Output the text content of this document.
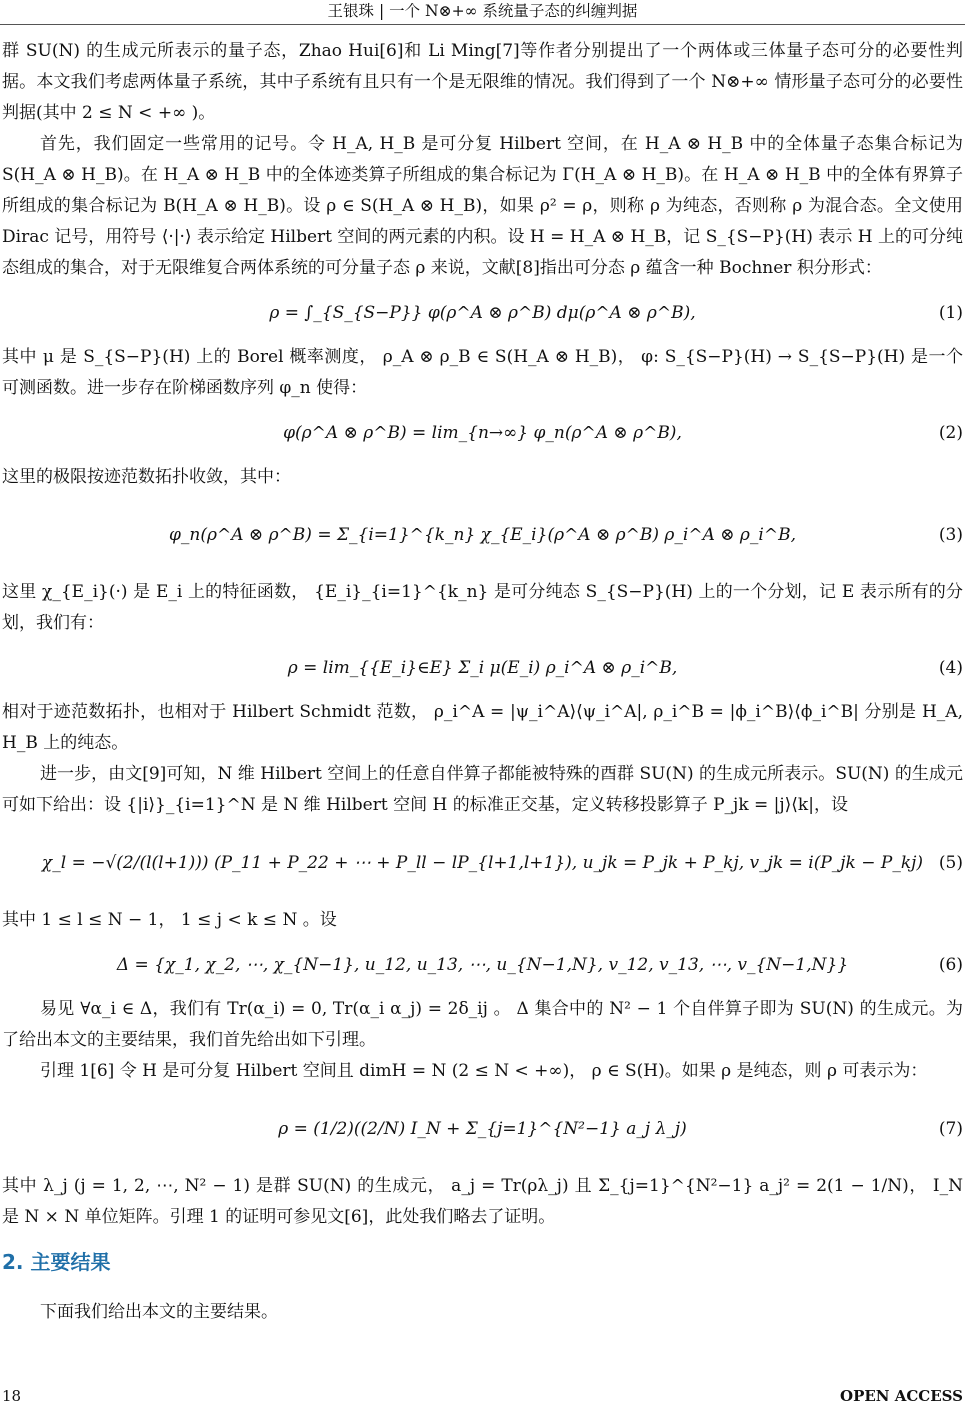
王银珠 | 一个 N⊗+∞ 系统量子态的纠缠判据

群 SU(N) 的生成元所表示的量子态，Zhao Hui[6]和 Li Ming[7]等作者分别提出了一个两体或三体量子态可分的必要性判据。本文我们考虑两体量子系统，其中子系统有且只有一个是无限维的情况。我们得到了一个 N⊗+∞ 情形量子态可分的必要性判据(其中 2 ≤ N < +∞ )。

首先，我们固定一些常用的记号。令 H_A, H_B 是可分复 Hilbert 空间，在 H_A ⊗ H_B 中的全体量子态集合标记为 S(H_A ⊗ H_B)。在 H_A ⊗ H_B 中的全体迹类算子所组成的集合标记为 Γ(H_A ⊗ H_B)。在 H_A ⊗ H_B 中的全体有界算子所组成的集合标记为 B(H_A ⊗ H_B)。设 ρ ∈ S(H_A ⊗ H_B)，如果 ρ² = ρ，则称 ρ 为纯态，否则称 ρ 为混合态。全文使用 Dirac 记号，用符号 ⟨·|·⟩ 表示给定 Hilbert 空间的两元素的内积。设 H = H_A ⊗ H_B，记 S_{S−P}(H) 表示 H 上的可分纯态组成的集合，对于无限维复合两体系统的可分量子态 ρ 来说，文献[8]指出可分态 ρ 蕴含一种 Bochner 积分形式：

ρ = ∫_{S_{S−P}} φ(ρ^A ⊗ ρ^B) dμ(ρ^A ⊗ ρ^B),	(1)

其中 μ 是 S_{S−P}(H) 上的 Borel 概率测度， ρ_A ⊗ ρ_B ∈ S(H_A ⊗ H_B)， φ: S_{S−P}(H) → S_{S−P}(H) 是一个可测函数。进一步存在阶梯函数序列 φ_n 使得：

φ(ρ^A ⊗ ρ^B) = lim_{n→∞} φ_n(ρ^A ⊗ ρ^B),	(2)

这里的极限按迹范数拓扑收敛，其中：

φ_n(ρ^A ⊗ ρ^B) = Σ_{i=1}^{k_n} χ_{E_i}(ρ^A ⊗ ρ^B) ρ_i^A ⊗ ρ_i^B,	(3)

这里 χ_{E_i}(·) 是 E_i 上的特征函数， {E_i}_{i=1}^{k_n} 是可分纯态 S_{S−P}(H) 上的一个分划，记 E 表示所有的分划，我们有：

ρ = lim_{{E_i}∈E} Σ_i μ(E_i) ρ_i^A ⊗ ρ_i^B,	(4)

相对于迹范数拓扑，也相对于 Hilbert Schmidt 范数， ρ_i^A = |ψ_i^A⟩⟨ψ_i^A|, ρ_i^B = |ϕ_i^B⟩⟨ϕ_i^B| 分别是 H_A, H_B 上的纯态。

进一步，由文[9]可知，N 维 Hilbert 空间上的任意自伴算子都能被特殊的酉群 SU(N) 的生成元所表示。SU(N) 的生成元可如下给出：设 {|i⟩}_{i=1}^N 是 N 维 Hilbert 空间 H 的标准正交基，定义转移投影算子 P_jk = |j⟩⟨k|，设

χ_l = −√(2/(l(l+1))) (P_11 + P_22 + ⋯ + P_ll − lP_{l+1,l+1}), u_jk = P_jk + P_kj, v_jk = i(P_jk − P_kj) (5)

其中 1 ≤ l ≤ N − 1， 1 ≤ j < k ≤ N 。设

Δ = {χ_1, χ_2, ⋯, χ_{N−1}, u_12, u_13, ⋯, u_{N−1,N}, v_12, v_13, ⋯, v_{N−1,N}}	(6)

易见 ∀α_i ∈ Δ，我们有 Tr(α_i) = 0, Tr(α_i α_j) = 2δ_ij 。 Δ 集合中的 N² − 1 个自伴算子即为 SU(N) 的生成元。为了给出本文的主要结果，我们首先给出如下引理。

引理 1[6] 令 H 是可分复 Hilbert 空间且 dimH = N (2 ≤ N < +∞)， ρ ∈ S(H)。如果 ρ 是纯态，则 ρ 可表示为：

ρ = (1/2)((2/N) I_N + Σ_{j=1}^{N²−1} a_j λ_j)	(7)

其中 λ_j (j = 1, 2, ⋯, N² − 1) 是群 SU(N) 的生成元， a_j = Tr(ρλ_j) 且 Σ_{j=1}^{N²−1} a_j² = 2(1 − 1/N)， I_N 是 N × N 单位矩阵。引理 1 的证明可参见文[6]，此处我们略去了证明。

2. 主要结果

下面我们给出本文的主要结果。

18	OPEN ACCESS
